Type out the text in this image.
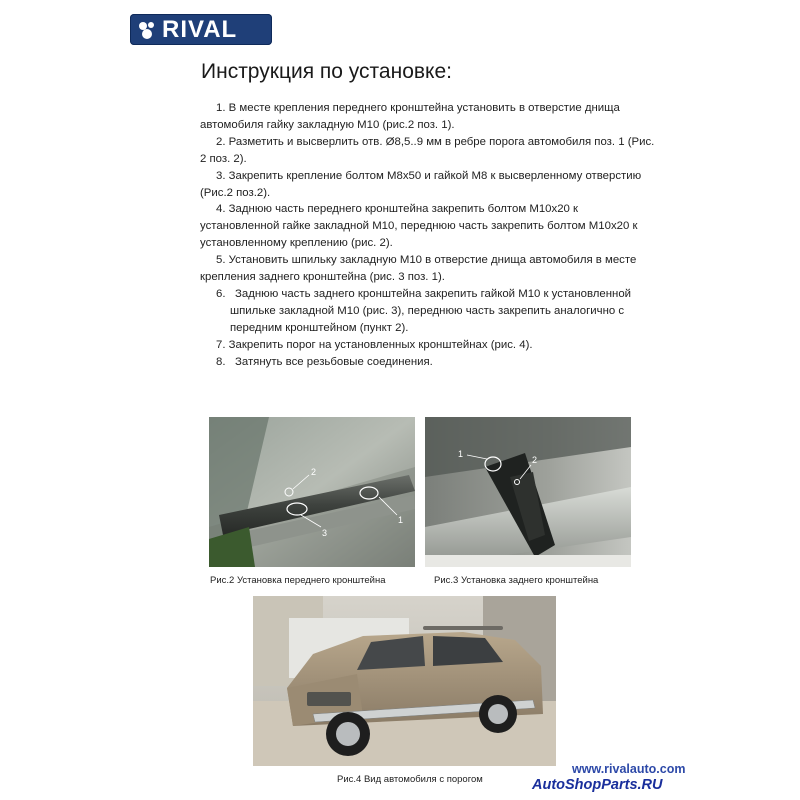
RIVAL
Инструкция по установке:

1. В месте крепления переднего кронштейна установить в отверстие днища автомобиля гайку закладную М10 (рис.2 поз. 1).

2. Разметить и высверлить отв. Ø8,5..9 мм в ребре порога автомобиля поз. 1 (Рис. 2 поз. 2).

3. Закрепить крепление болтом М8х50 и гайкой М8 к высверленному отверстию (Рис.2 поз.2).

4. Заднюю часть переднего кронштейна закрепить болтом М10х20 к установленной гайке закладной М10, переднюю часть закрепить болтом М10х20 к установленному креплению (рис. 2).

5. Установить шпильку закладную М10 в отверстие днища автомобиля в месте крепления заднего кронштейна (рис. 3 поз. 1).

6. Заднюю часть заднего кронштейна закрепить гайкой М10 к установленной шпильке закладной М10 (рис. 3), переднюю часть закрепить аналогично с передним кронштейном (пункт 2).

7. Закрепить порог на установленных кронштейнах (рис. 4).

8. Затянуть все резьбовые соединения.

2
1
3
Рис.2 Установка переднего кронштейна
1
2
Рис.3 Установка заднего кронштейна
Рис.4 Вид автомобиля с порогом
www.rivalauto.com
AutoShopParts.RU
